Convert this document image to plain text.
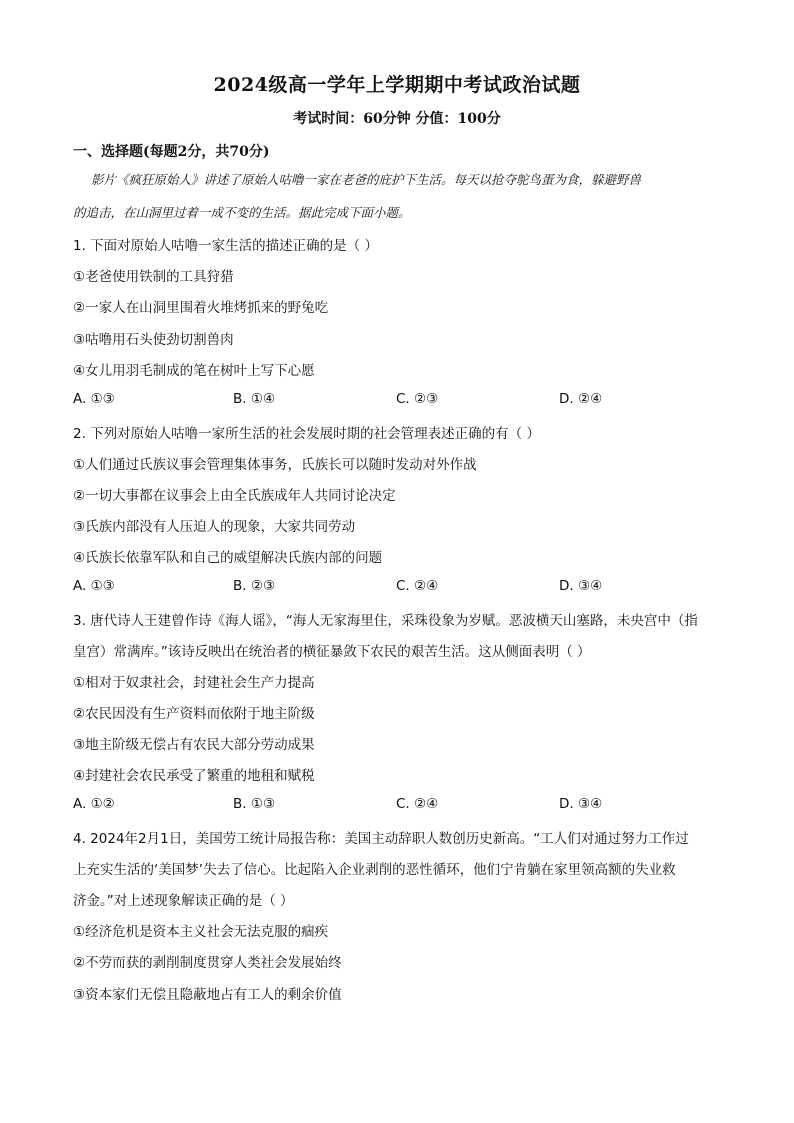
2024级高一学年上学期期中考试政治试题
考试时间：60分钟 分值：100分
一、选择题(每题2分，共70分)
影片《疯狂原始人》讲述了原始人咕噜一家在老爸的庇护下生活。每天以抢夺鸵鸟蛋为食，躲避野兽
的追击，在山洞里过着一成不变的生活。据此完成下面小题。
1. 下面对原始人咕噜一家生活的描述正确的是（ ）
①老爸使用铁制的工具狩猎
②一家人在山洞里围着火堆烤抓来的野兔吃
③咕噜用石头使劲切割兽肉
④女儿用羽毛制成的笔在树叶上写下心愿
A. ①③	B. ①④	C. ②③	D. ②④
2. 下列对原始人咕噜一家所生活的社会发展时期的社会管理表述正确的有（ ）
①人们通过氏族议事会管理集体事务，氏族长可以随时发动对外作战
②一切大事都在议事会上由全氏族成年人共同讨论决定
③氏族内部没有人压迫人的现象，大家共同劳动
④氏族长依靠军队和自己的威望解决氏族内部的问题
A. ①③	B. ②③	C. ②④	D. ③④
3. 唐代诗人王建曾作诗《海人谣》，“海人无家海里住，采珠役象为岁赋。恶波横天山塞路，未央宫中（指
皇宫）常满库。”该诗反映出在统治者的横征暴敛下农民的艰苦生活。这从侧面表明（ ）
①相对于奴隶社会，封建社会生产力提高
②农民因没有生产资料而依附于地主阶级
③地主阶级无偿占有农民大部分劳动成果
④封建社会农民承受了繁重的地租和赋税
A. ①②	B. ①③	C. ②④	D. ③④
4. 2024年2月1日，美国劳工统计局报告称：美国主动辞职人数创历史新高。“工人们对通过努力工作过
上充实生活的‘美国梦’失去了信心。比起陷入企业剥削的恶性循环，他们宁肯躺在家里领高额的失业救
济金。”对上述现象解读正确的是（ ）
①经济危机是资本主义社会无法克服的痼疾
②不劳而获的剥削制度贯穿人类社会发展始终
③资本家们无偿且隐蔽地占有工人的剩余价值
